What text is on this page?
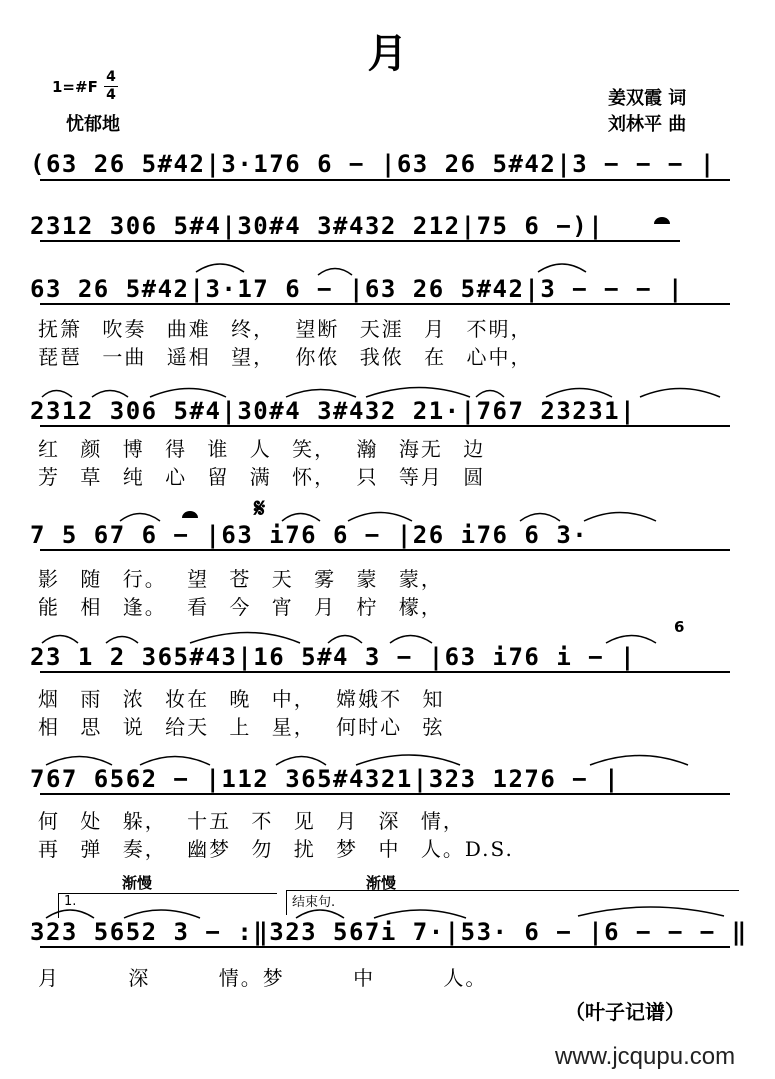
月
1=#F
4
4
忧郁地
姜双霞 词
刘林平 曲
(63 26 5#42|3·176 6 − |63 26 5#42|3 − − − |
2312 306 5#4|30#4 3#432 212|75 6 −)|
63 26 5#42|3·17 6 − |63 26 5#42|3 − − − |
抚箫 吹奏 曲难 终， 望断 天涯 月 不明，
琵琶 一曲 遥相 望， 你侬 我侬 在 心中，
2312 306 5#4|30#4 3#432 21·|767 23231|
红 颜 博 得 谁 人 笑， 瀚 海无 边
芳 草 纯 心 留 满 怀， 只 等月 圆
7 5 67 6 − |63 i76 6 − |26 i76 6 3·
𝄋
影 随 行。 望 苍 天 雾 蒙 蒙，
能 相 逢。 看 今 宵 月 柠 檬，
23 1 2 365#43|16 5#4 3 − |63 i76 i − |
6
烟 雨 浓 妆在 晚 中， 嫦娥不 知
相 思 说 给天 上 星， 何时心 弦
767 6562 − |112 365#4321|323 1276 − |
何 处 躲， 十五 不 见 月 深 情，
再 弹 奏， 幽梦 勿 扰 梦 中 人。D.S.
渐慢	渐慢
1.	结束句.
323 5652 3 − :‖323 567i 7·|53· 6 − |6 − − − ‖
月 深 情。梦 中 人。
（叶子记谱）
www.jcqupu.com
